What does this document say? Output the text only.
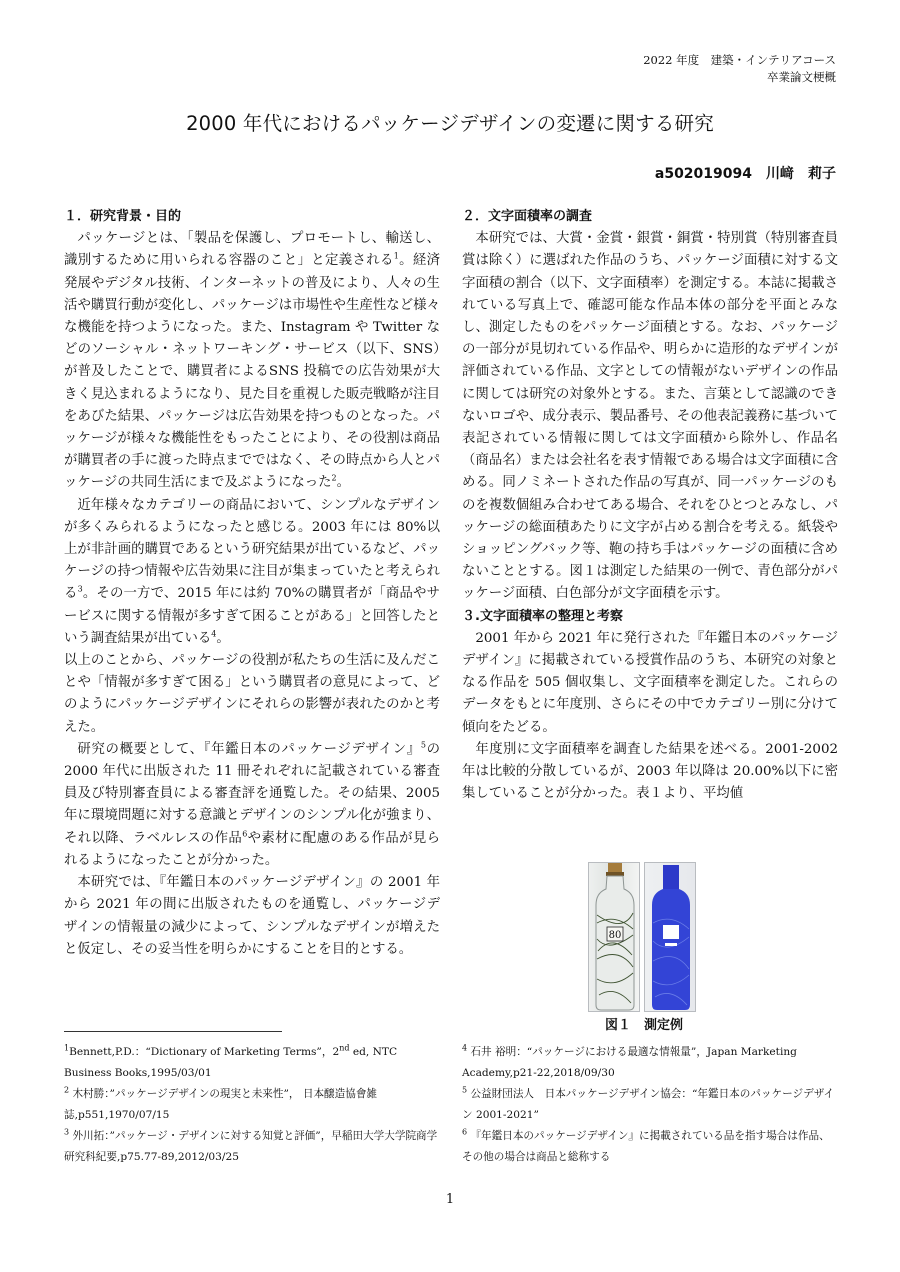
2022 年度　建築・インテリアコース
卒業論文梗概
2000 年代におけるパッケージデザインの変遷に関する研究
a502019094　川﨑　莉子
１．研究背景・目的

パッケージとは、「製品を保護し、プロモートし、輸送し、識別するために用いられる容器のこと」と定義される$^1$。経済発展やデジタル技術、インターネットの普及により、人々の生活や購買行動が変化し、パッケージは市場性や生産性など様々な機能を持つようになった。また、Instagram や Twitter などのソーシャル・ネットワーキング・サービス（以下、SNS）が普及したことで、購買者によるSNS 投稿での広告効果が大きく見込まれるようになり、見た目を重視した販売戦略が注目をあびた結果、パッケージは広告効果を持つものとなった。パッケージが様々な機能性をもったことにより、その役割は商品が購買者の手に渡った時点までではなく、その時点から人とパッケージの共同生活にまで及ぶようになった$^2$。

近年様々なカテゴリーの商品において、シンプルなデザインが多くみられるようになったと感じる。2003 年には 80%以上が非計画的購買であるという研究結果が出ているなど、パッケージの持つ情報や広告効果に注目が集まっていたと考えられる$^3$。その一方で、2015 年には約 70%の購買者が「商品やサービスに関する情報が多すぎて困ることがある」と回答したという調査結果が出ている$^4$。

以上のことから、パッケージの役割が私たちの生活に及んだことや「情報が多すぎて困る」という購買者の意見によって、どのようにパッケージデザインにそれらの影響が表れたのかと考えた。

研究の概要として、『年鑑日本のパッケージデザイン』$^5$の 2000 年代に出版された 11 冊それぞれに記載されている審査員及び特別審査員による審査評を通覧した。その結果、2005 年に環境問題に対する意識とデザインのシンプル化が強まり、それ以降、ラベルレスの作品$^6$や素材に配慮のある作品が見られるようになったことが分かった。

本研究では、『年鑑日本のパッケージデザイン』の 2001 年から 2021 年の間に出版されたものを通覧し、パッケージデザインの情報量の減少によって、シンプルなデザインが増えたと仮定し、その妥当性を明らかにすることを目的とする。

２．文字面積率の調査

本研究では、大賞・金賞・銀賞・銅賞・特別賞（特別審査員賞は除く）に選ばれた作品のうち、パッケージ面積に対する文字面積の割合（以下、文字面積率）を測定する。本誌に掲載されている写真上で、確認可能な作品本体の部分を平面とみなし、測定したものをパッケージ面積とする。なお、パッケージの一部分が見切れている作品や、明らかに造形的なデザインが評価されている作品、文字としての情報がないデザインの作品に関しては研究の対象外とする。また、言葉として認識のできないロゴや、成分表示、製品番号、その他表記義務に基づいて表記されている情報に関しては文字面積から除外し、作品名（商品名）または会社名を表す情報である場合は文字面積に含める。同ノミネートされた作品の写真が、同一パッケージのものを複数個組み合わせてある場合、それをひとつとみなし、パッケージの総面積あたりに文字が占める割合を考える。紙袋やショッピングバック等、鞄の持ち手はパッケージの面積に含めないこととする。図１は測定した結果の一例で、青色部分がパッケージ面積、白色部分が文字面積を示す。

３.文字面積率の整理と考察

2001 年から 2021 年に発行された『年鑑日本のパッケージデザイン』に掲載されている授賞作品のうち、本研究の対象となる作品を 505 個収集し、文字面積率を測定した。これらのデータをもとに年度別、さらにその中でカテゴリー別に分けて傾向をたどる。

年度別に文字面積率を調査した結果を述べる。2001-2002 年は比較的分散しているが、2003 年以降は 20.00%以下に密集していることが分かった。表１より、平均値

80
図１　測定例

$^1$Bennett,P.D.：“Dictionary of Marketing Terms”，2nd ed, NTC Business Books,1995/03/01

$^2$ 木村勝：”パッケージデザインの現実と未来性”， 日本醸造協會雑誌,p551,1970/07/15

$^3$ 外川拓：”パッケージ・デザインに対する知覚と評価”，早稲田大学大学院商学研究科紀要,p75.77-89,2012/03/25

$^4$ 石井 裕明：“パッケージにおける最適な情報量”，Japan Marketing Academy,p21-22,2018/09/30

$^5$ 公益財団法人　日本パッケージデザイン協会：“年鑑日本のパッケージデザイン 2001-2021”

$^6$ 『年鑑日本のパッケージデザイン』に掲載されている品を指す場合は作品、その他の場合は商品と総称する

1
